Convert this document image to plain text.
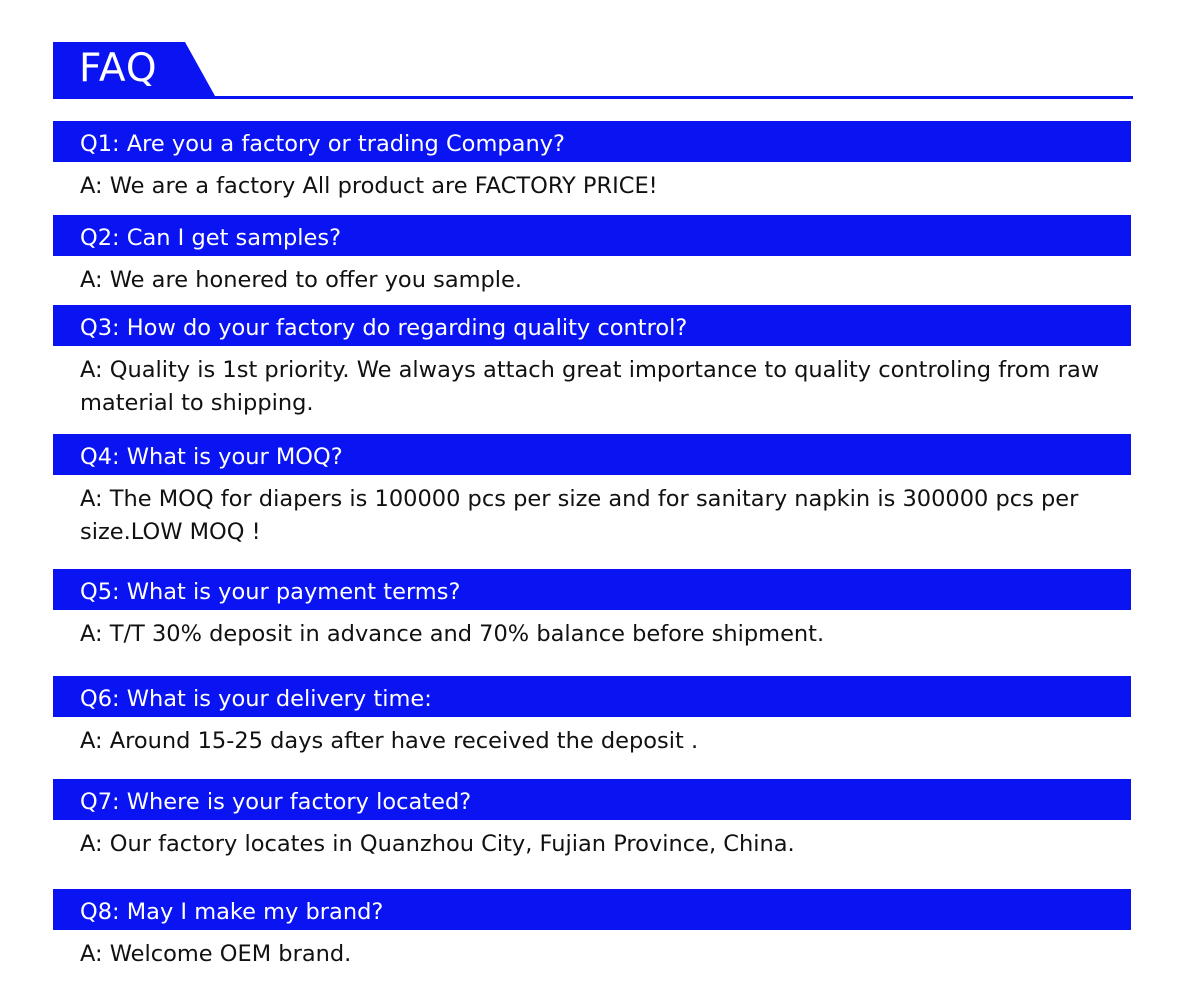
FAQ
Q1: Are you a factory or trading Company?

A: We are a factory All product are FACTORY PRICE!

Q2: Can I get samples?

A: We are honered to offer you sample.

Q3: How do your factory do regarding quality control?

A: Quality is 1st priority. We always attach great importance to quality controling from raw material to shipping.

Q4: What is your MOQ?

A: The MOQ for diapers is 100000 pcs per size and for sanitary napkin is 300000 pcs per size.LOW MOQ !

Q5: What is your payment terms?

A: T/T 30% deposit in advance and 70% balance before shipment.

Q6: What is your delivery time:

A: Around 15-25 days after have received the deposit .

Q7: Where is your factory located?

A: Our factory locates in Quanzhou City, Fujian Province, China.

Q8: May I make my brand?

A: Welcome OEM brand.
